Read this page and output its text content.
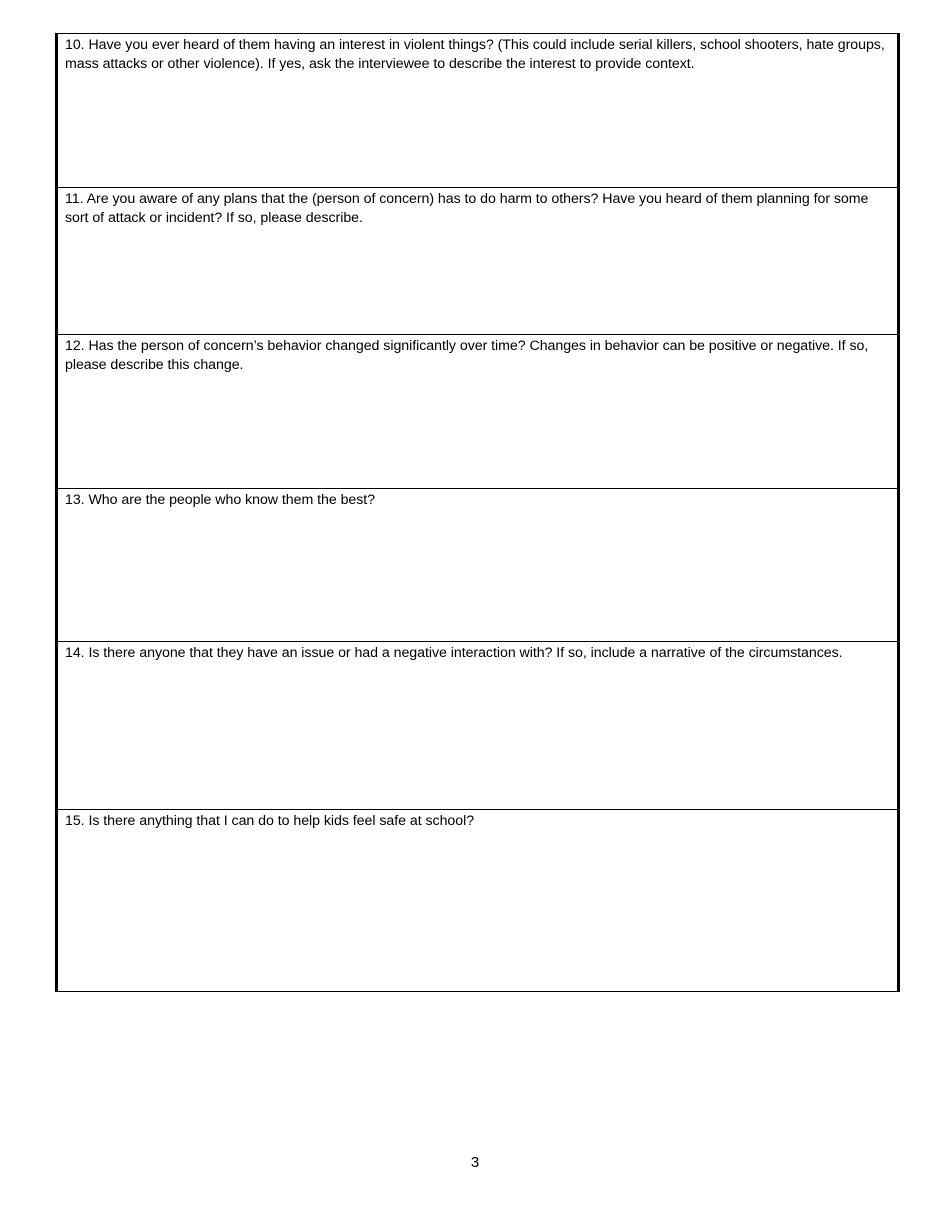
10. Have you ever heard of them having an interest in violent things? (This could include serial killers, school shooters, hate groups, mass attacks or other violence). If yes, ask the interviewee to describe the interest to provide context.
11. Are you aware of any plans that the (person of concern) has to do harm to others? Have you heard of them planning for some sort of attack or incident? If so, please describe.
12. Has the person of concern’s behavior changed significantly over time? Changes in behavior can be positive or negative. If so, please describe this change.
13. Who are the people who know them the best?
14. Is there anyone that they have an issue or had a negative interaction with? If so, include a narrative of the circumstances.
15. Is there anything that I can do to help kids feel safe at school?
3
